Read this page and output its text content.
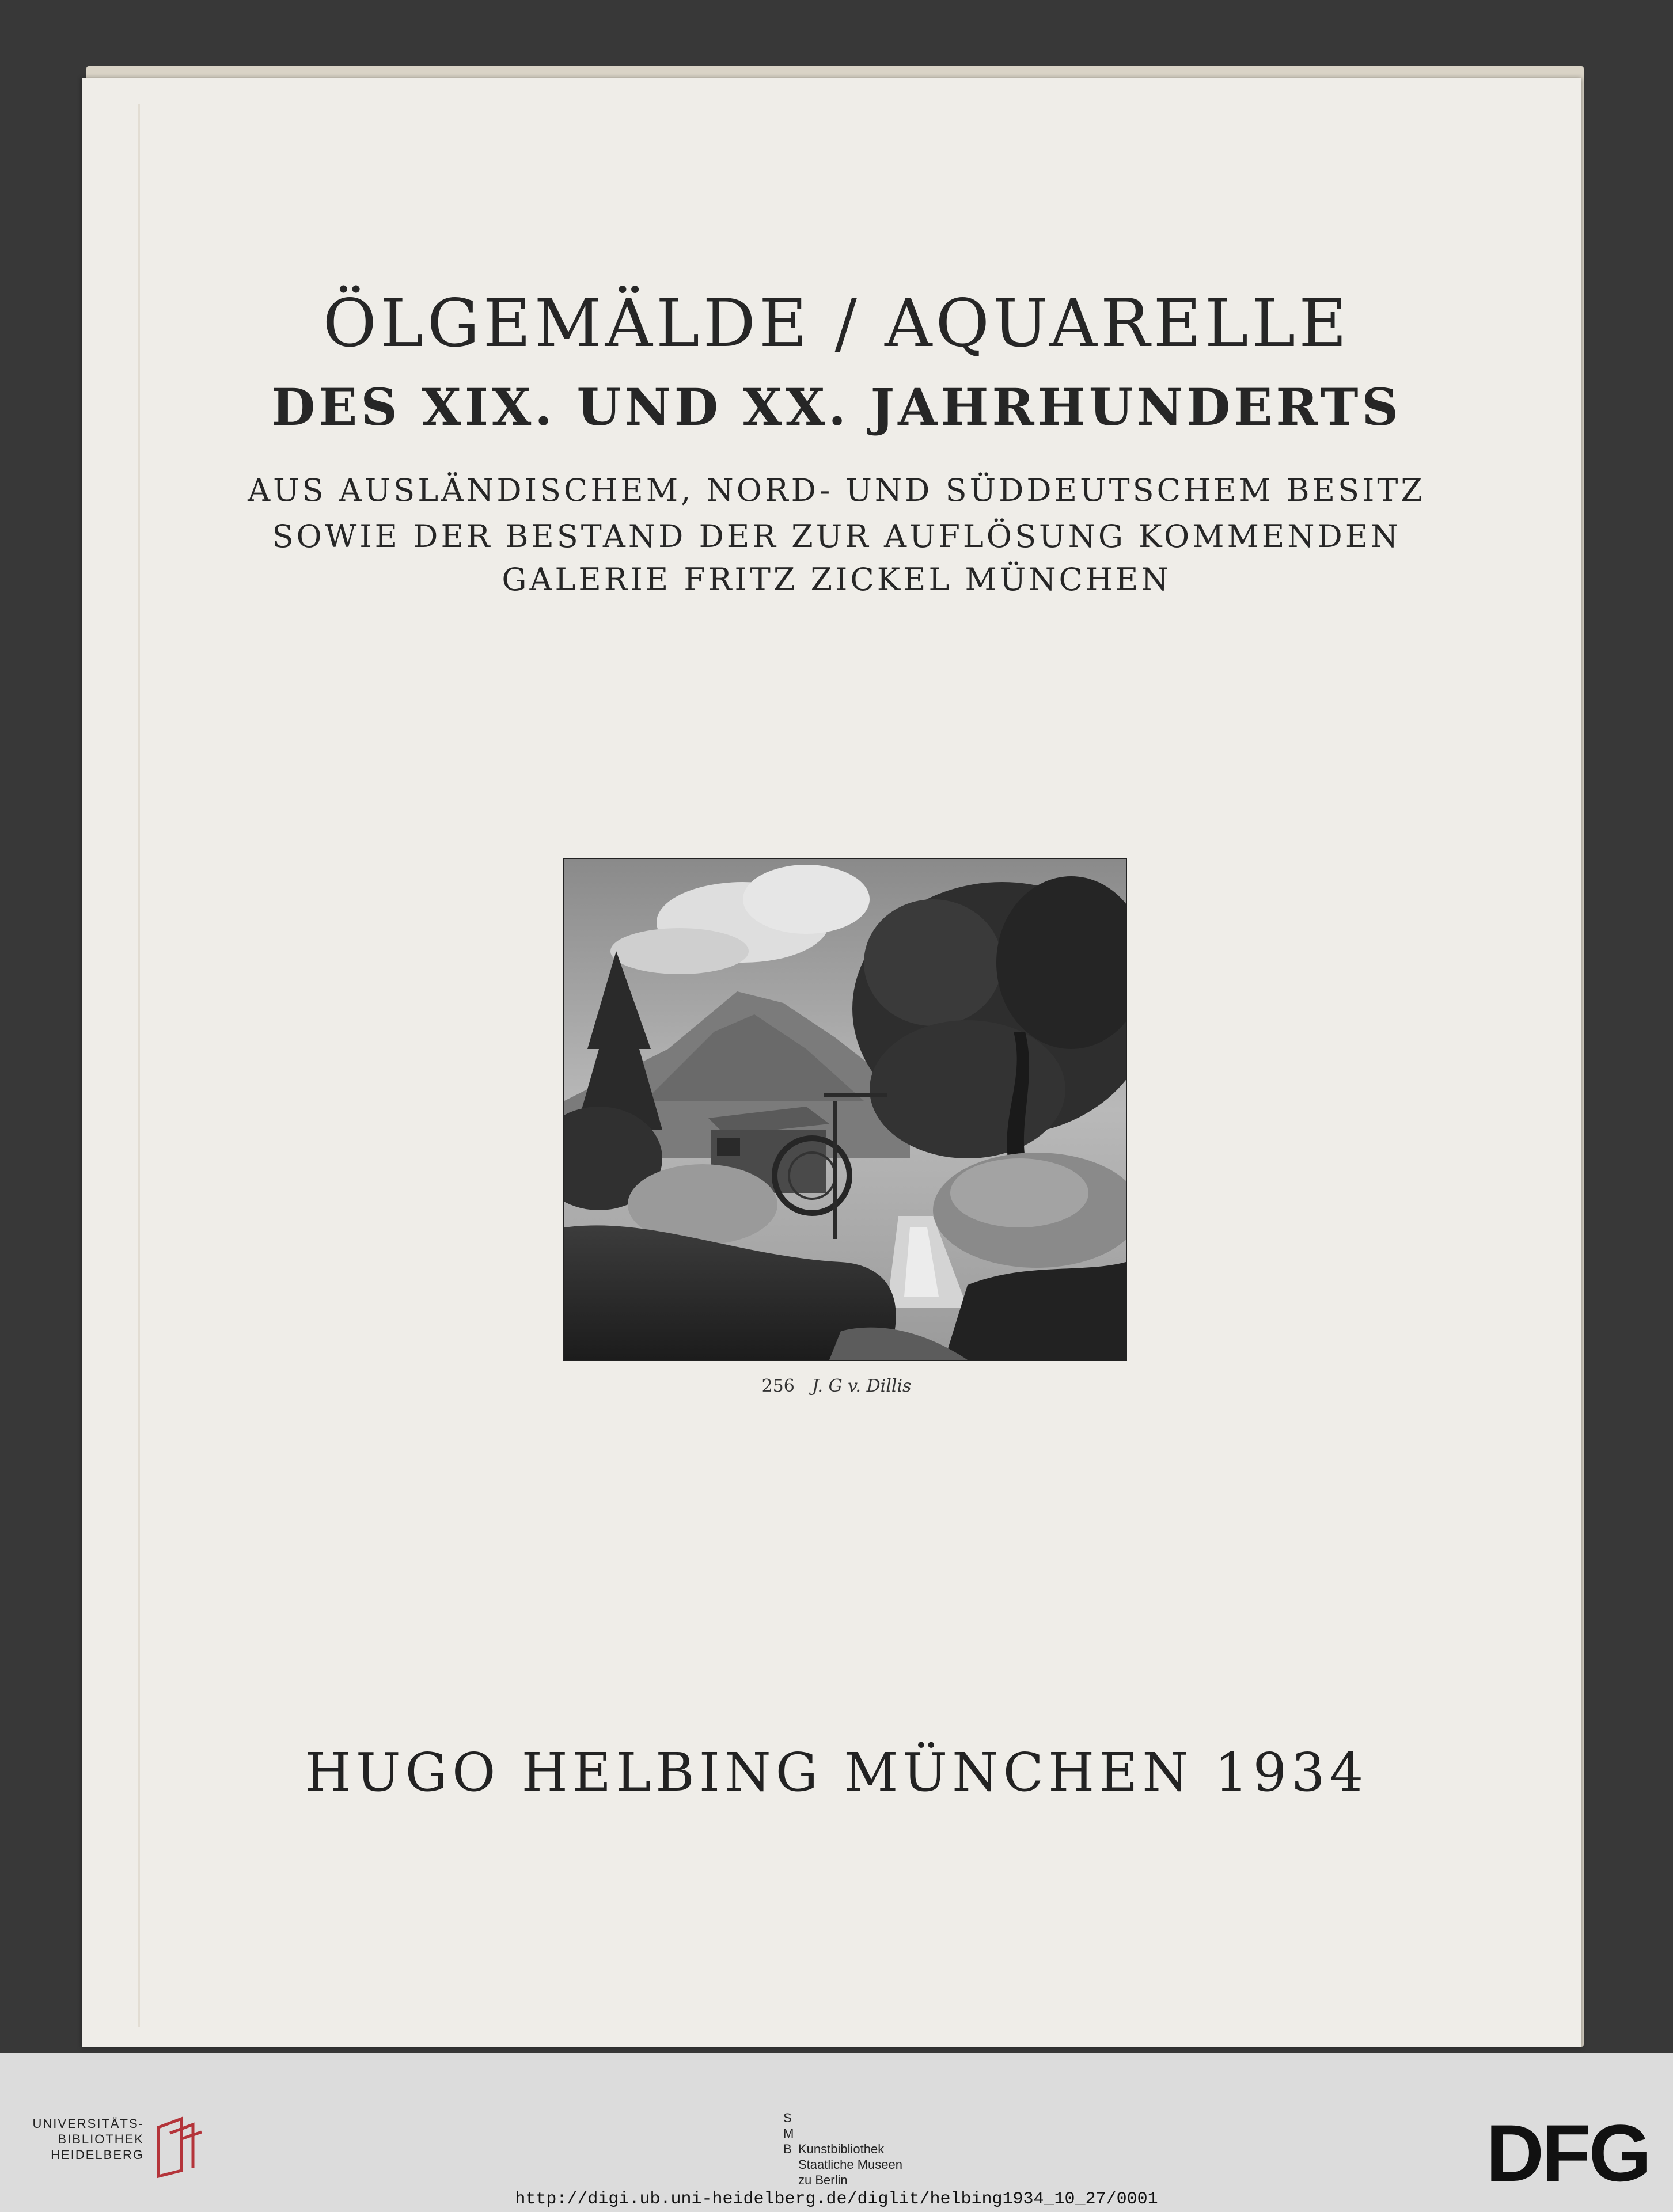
ÖLGEMÄLDE / AQUARELLE
DES XIX. UND XX. JAHRHUNDERTS
AUS AUSLÄNDISCHEM, NORD- UND SÜDDEUTSCHEM BESITZ
SOWIE DER BESTAND DER ZUR AUFLÖSUNG KOMMENDEN
GALERIE FRITZ ZICKEL MÜNCHEN
256 J. G v. Dillis
HUGO HELBING MÜNCHEN 1934
UNIVERSITÄTS-
BIBLIOTHEK
HEIDELBERG
S
M
B Kunstbibliothek
Staatliche Museen
zu Berlin	DFG
http://digi.ub.uni-heidelberg.de/diglit/helbing1934_10_27/0001
